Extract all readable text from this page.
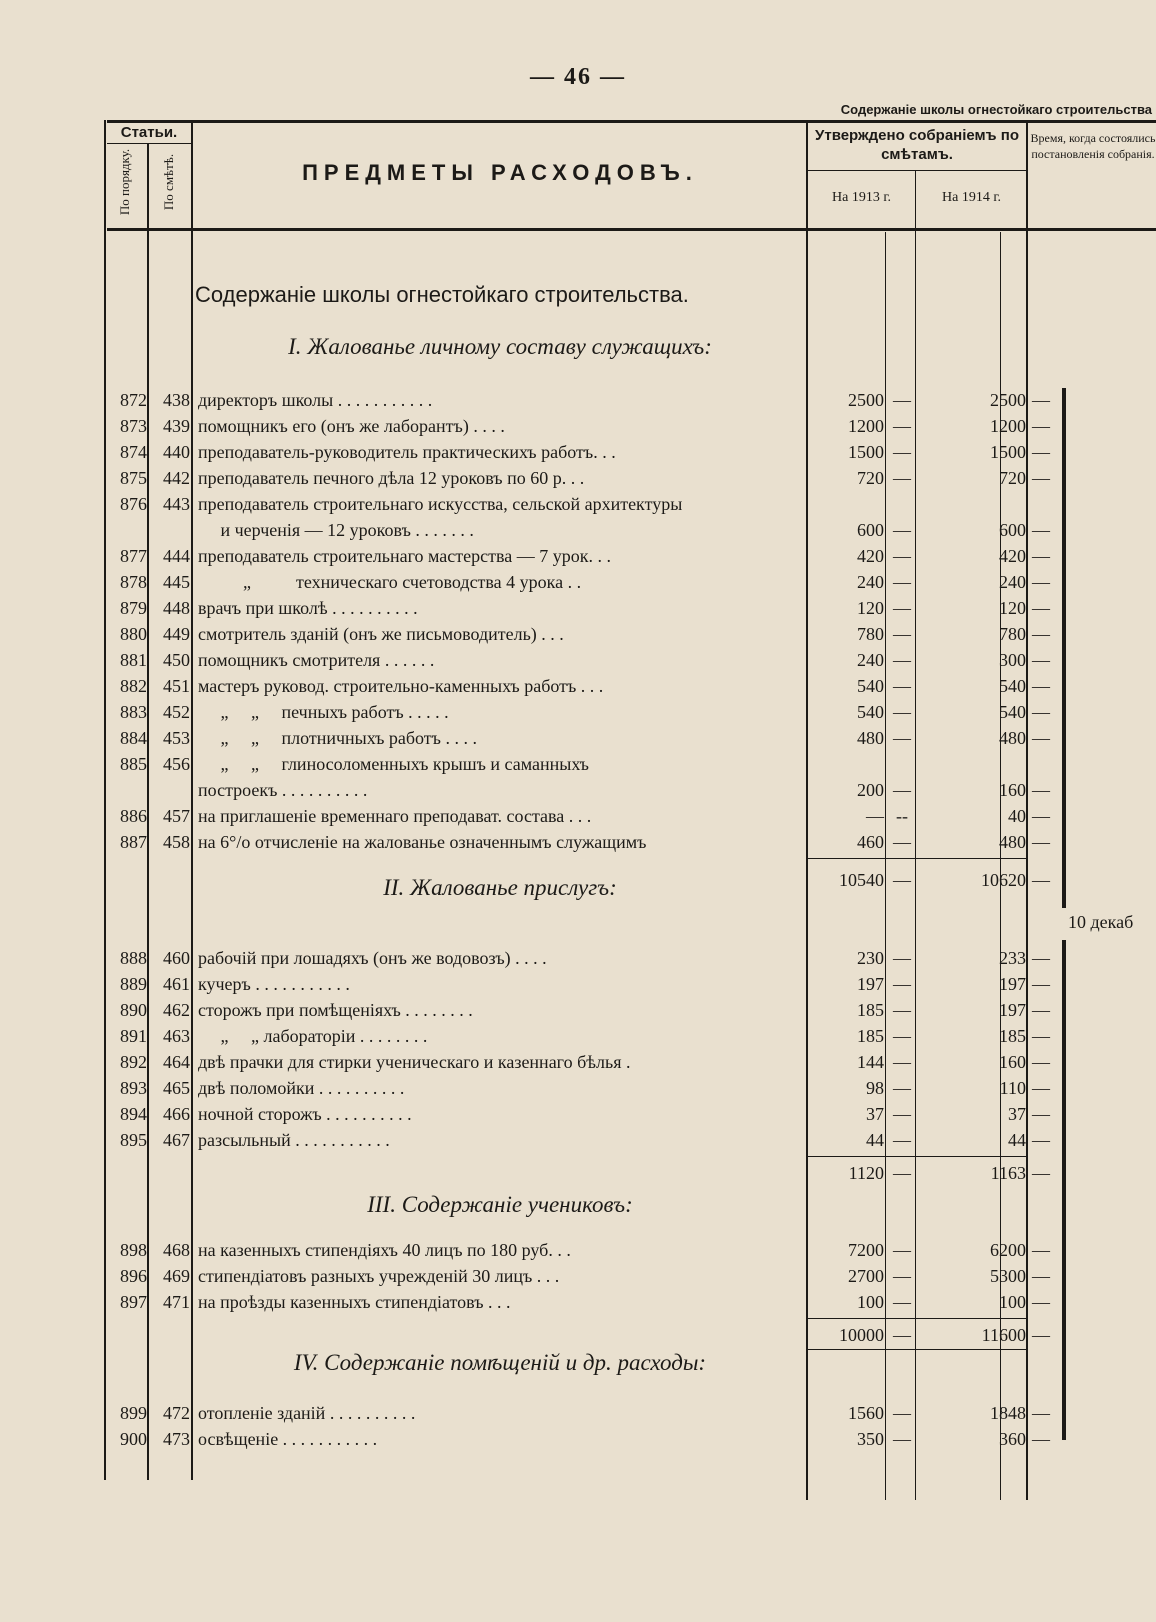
— 46 —
Содержаніе школы огнестойкаго строительства
Статьи.
По порядку. По смѣтѣ.	ПРЕДМЕТЫ РАСХОДОВЪ.
Утверждено собраніемъ по смѣтамъ.
На 1913 г.	На 1914 г.
Время, когда состоялись постановленія собранія.
Содержаніе школы огнестойкаго строительства.
I. Жалованье личному составу служащихъ:
II. Жалованье прислугъ:
III. Содержаніе учениковъ:
IV. Содержаніе помѣщеній и др. расходы:
872 438 директоръ школы . . . . . . . . . . .	2500 —	2500 —
873 439 помощникъ его (онъ же лаборантъ) . . . .	1200 —	1200 —
874 440 преподаватель-руководитель практическихъ работъ. . .	1500 —	1500 —
875 442 преподаватель печного дѣла 12 уроковъ по 60 р. . .	720 —	720 —
876 443 преподаватель строительнаго искусства, сельской архитектуры
и черченія — 12 уроковъ . . . . . . .	600 —	600 —
877 444 преподаватель строительнаго мастерства — 7 урок. . .	420 —	420 —
878 445 „          техническаго счетоводства 4 урока . .	240 —	240 —
879 448 врачъ при школѣ . . . . . . . . . .	120 —	120 —
880 449 смотритель зданій (онъ же письмоводитель) . . .	780 —	780 —
881 450 помощникъ смотрителя . . . . . .	240 —	300 —
882 451 мастеръ руковод. строительно-каменныхъ работъ . . .	540 —	540 —
883 452 „     „     печныхъ работъ . . . . .	540 —	540 —
884 453 „     „     плотничныхъ работъ . . . .	480 —	480 —
885 456 „     „     глиносоломенныхъ крышъ и саманныхъ
построекъ . . . . . . . . . .	200 —	160 —
886 457 на приглашеніе временнаго преподават. состава . . .	— --	40 —
887 458 на 6°/о отчисленіе на жалованье означеннымъ служащимъ	460 —	480 —
10540 —	10620 —
888 460 рабочій при лошадяхъ (онъ же водовозъ) . . . .	230 —	233 —
889 461 кучеръ . . . . . . . . . . .	197 —	197 —
890 462 сторожъ при помѣщеніяхъ . . . . . . . .	185 —	197 —
891 463 „     „ лабораторіи . . . . . . . .	185 —	185 —
892 464 двѣ прачки для стирки ученическаго и казеннаго бѣлья .	144 —	160 —
893 465 двѣ поломойки . . . . . . . . . .	98 —	110 —
894 466 ночной сторожъ . . . . . . . . . .	37 —	37 —
895 467 разсыльный . . . . . . . . . . .	44 —	44 —
1120 —	1163 —
898 468 на казенныхъ стипендіяхъ 40 лицъ по 180 руб. . .	7200 —	6200 —
896 469 стипендіатовъ разныхъ учрежденій 30 лицъ . . .	2700 —	5300 —
897 471 на проѣзды казенныхъ стипендіатовъ . . .	100 —	100 —
10000 —	11600 —
899 472 отопленіе зданій . . . . . . . . . .	1560 —	1848 —
900 473 освѣщеніе . . . . . . . . . . .	350 —	360 —
10 декаб
